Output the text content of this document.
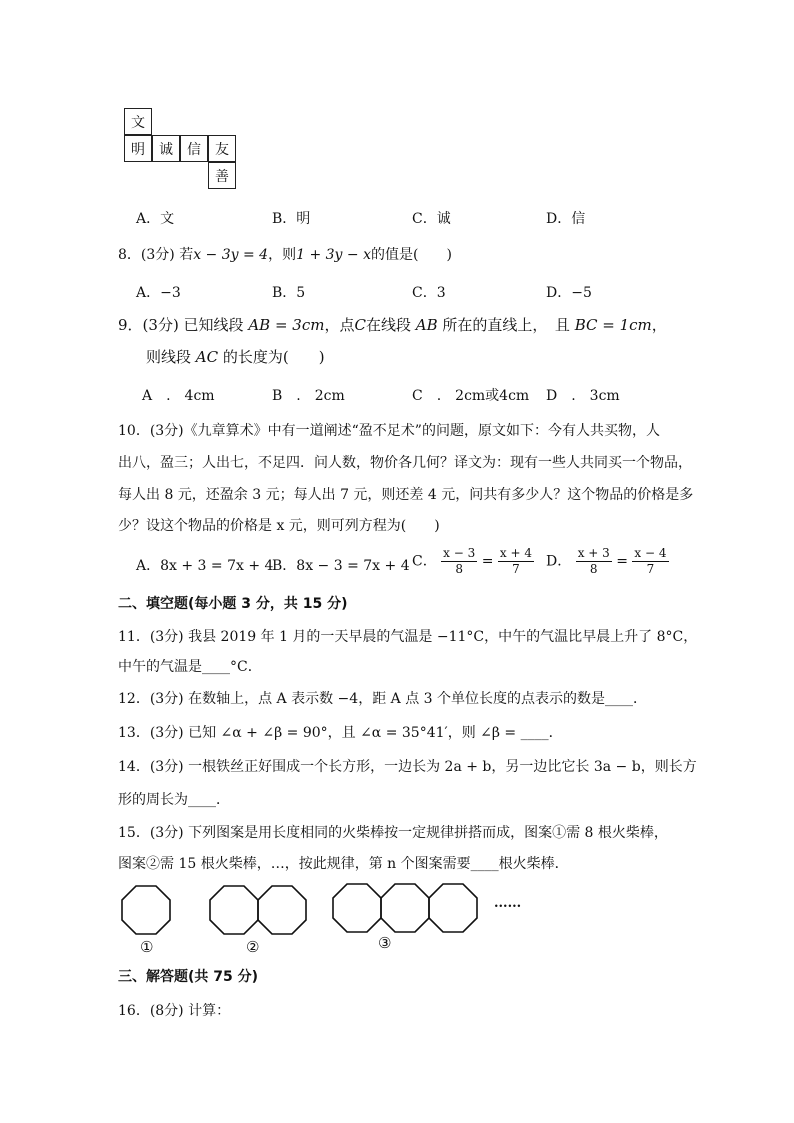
文
明	诚	信	友
善
A．文	B．明	C．诚	D．信
8．(3分) 若x − 3y = 4，则1 + 3y − x的值是(　　)
A．−3	B．5	C．3	D．−5
9．(3分) 已知线段 AB = 3cm，点C在线段 AB 所在的直线上，　且 BC = 1cm，
则线段 AC 的长度为(　　)
A　.　4cm	B　.　2cm	C　.　2cm或4cm D　.　3cm
10．(3分)《九章算术》中有一道阐述“盈不足术”的问题，原文如下：今有人共买物，人
出八，盈三；人出七，不足四．问人数，物价各几何？译文为：现有一些人共同买一个物品，
每人出 8 元，还盈余 3 元；每人出 7 元，则还差 4 元，问共有多少人？这个物品的价格是多
少？设这个物品的价格是 x 元，则可列方程为(　　)
A．8x + 3 = 7x + 4
B．8x − 3 = 7x + 4 C． $\frac{x - 3}{8} = \frac{x + 4}{7}$ D． $\frac{x + 3}{8} = \frac{x - 4}{7}$
二、填空题(每小题 3 分，共 15 分)
11．(3分) 我县 2019 年 1 月的一天早晨的气温是 −11°C，中午的气温比早晨上升了 8°C，
中午的气温是____°C．
12．(3分) 在数轴上，点 A 表示数 −4，距 A 点 3 个单位长度的点表示的数是____．
13．(3分) 已知 ∠α + ∠β = 90°，且 ∠α = 35°41′，则 ∠β = ____．
14．(3分) 一根铁丝正好围成一个长方形，一边长为 2a + b，另一边比它长 3a − b，则长方
形的周长为____．
15．(3分) 下列图案是用长度相同的火柴棒按一定规律拼搭而成，图案①需 8 根火柴棒，
图案②需 15 根火柴棒，…，按此规律，第 n 个图案需要____根火柴棒．
①	②	③
......
三、解答题(共 75 分)
16．(8分) 计算：
